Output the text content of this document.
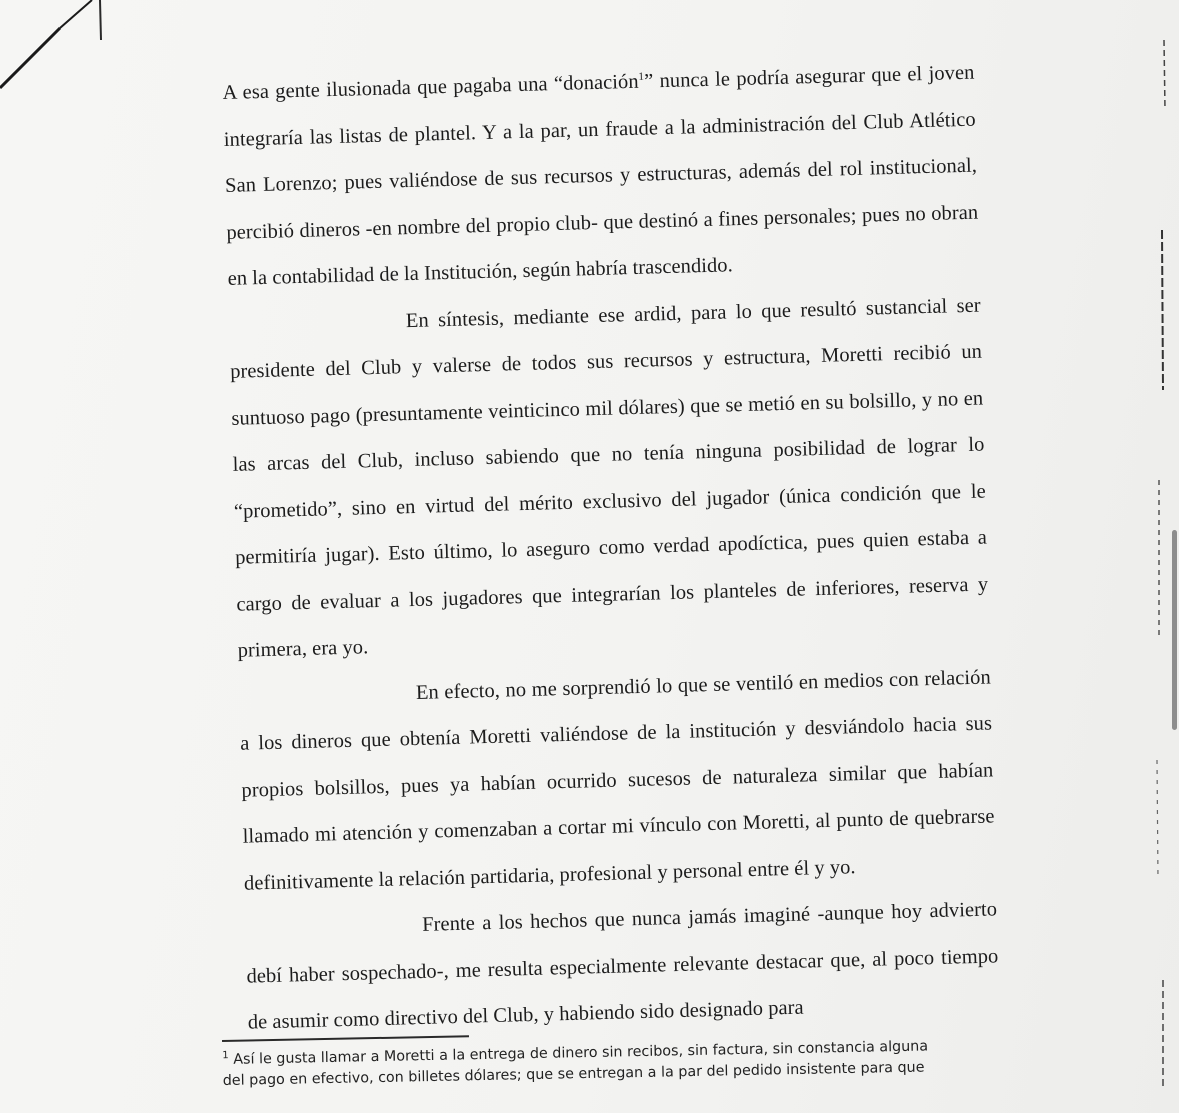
A esa gente ilusionada que pagaba una “donación$^1$” nunca le podría asegurar que el joven integraría las listas de plantel. Y a la par, un fraude a la administración del Club Atlético San Lorenzo; pues valiéndose de sus recursos y estructuras, además del rol institucional, percibió dineros -en nombre del propio club- que destinó a fines personales; pues no obran en la contabilidad de la Institución, según habría trascendido.

En síntesis, mediante ese ardid, para lo que resultó sustancial ser presidente del Club y valerse de todos sus recursos y estructura, Moretti recibió un suntuoso pago (presuntamente veinticinco mil dólares) que se metió en su bolsillo, y no en las arcas del Club, incluso sabiendo que no tenía ninguna posibilidad de lograr lo “prometido”, sino en virtud del mérito exclusivo del jugador (única condición que le permitiría jugar). Esto último, lo aseguro como verdad apodíctica, pues quien estaba a cargo de evaluar a los jugadores que integrarían los planteles de inferiores, reserva y primera, era yo.

En efecto, no me sorprendió lo que se ventiló en medios con relación a los dineros que obtenía Moretti valiéndose de la institución y desviándolo hacia sus propios bolsillos, pues ya habían ocurrido sucesos de naturaleza similar que habían llamado mi atención y comenzaban a cortar mi vínculo con Moretti, al punto de quebrarse definitivamente la relación partidaria, profesional y personal entre él y yo.

Frente a los hechos que nunca jamás imaginé -aunque hoy advierto debí haber sospechado-, me resulta especialmente relevante destacar que, al poco tiempo de asumir como directivo del Club, y habiendo sido designado para

$^1$ Así le gusta llamar a Moretti a la entrega de dinero sin recibos, sin factura, sin constancia alguna

del pago en efectivo, con billetes dólares; que se entregan a la par del pedido insistente para que
